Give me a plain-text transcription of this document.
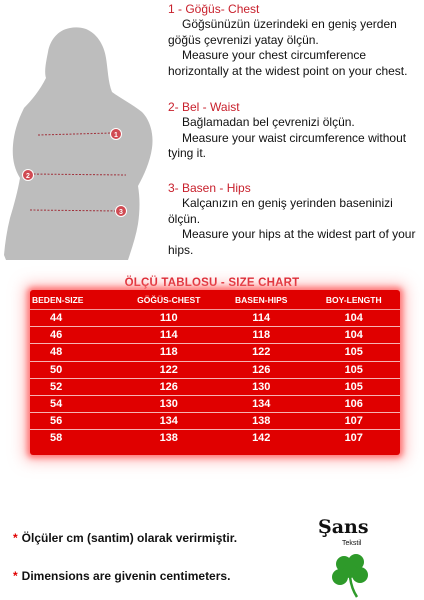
1
2
3

1 - Göğüs- Chest

Göğsünüzün üzerindeki en geniş yerden göğüs çevrenizi yatay ölçün.

Measure your chest circumference horizontally at the widest point on your chest.

2- Bel - Waist

Bağlamadan bel çevrenizi ölçün.

Measure your waist circumference without tying it.

3- Basen - Hips

Kalçanızın en geniş yerinden baseninizi ölçün.

Measure your hips at the widest part of your hips.

ÖLÇÜ TABLOSU - SIZE CHART
BEDEN-SIZE	GÖĞÜS-CHEST	BASEN-HIPS	BOY-LENGTH
44	110	114	104
46	114	118	104
48	118	122	105
50	122	126	105
52	126	130	105
54	130	134	106
56	134	138	107
58	138	142	107
* Ölçüler cm (santim) olarak verirmiştir.
* Dimensions are givenin centimeters.
Şans
Tekstil
